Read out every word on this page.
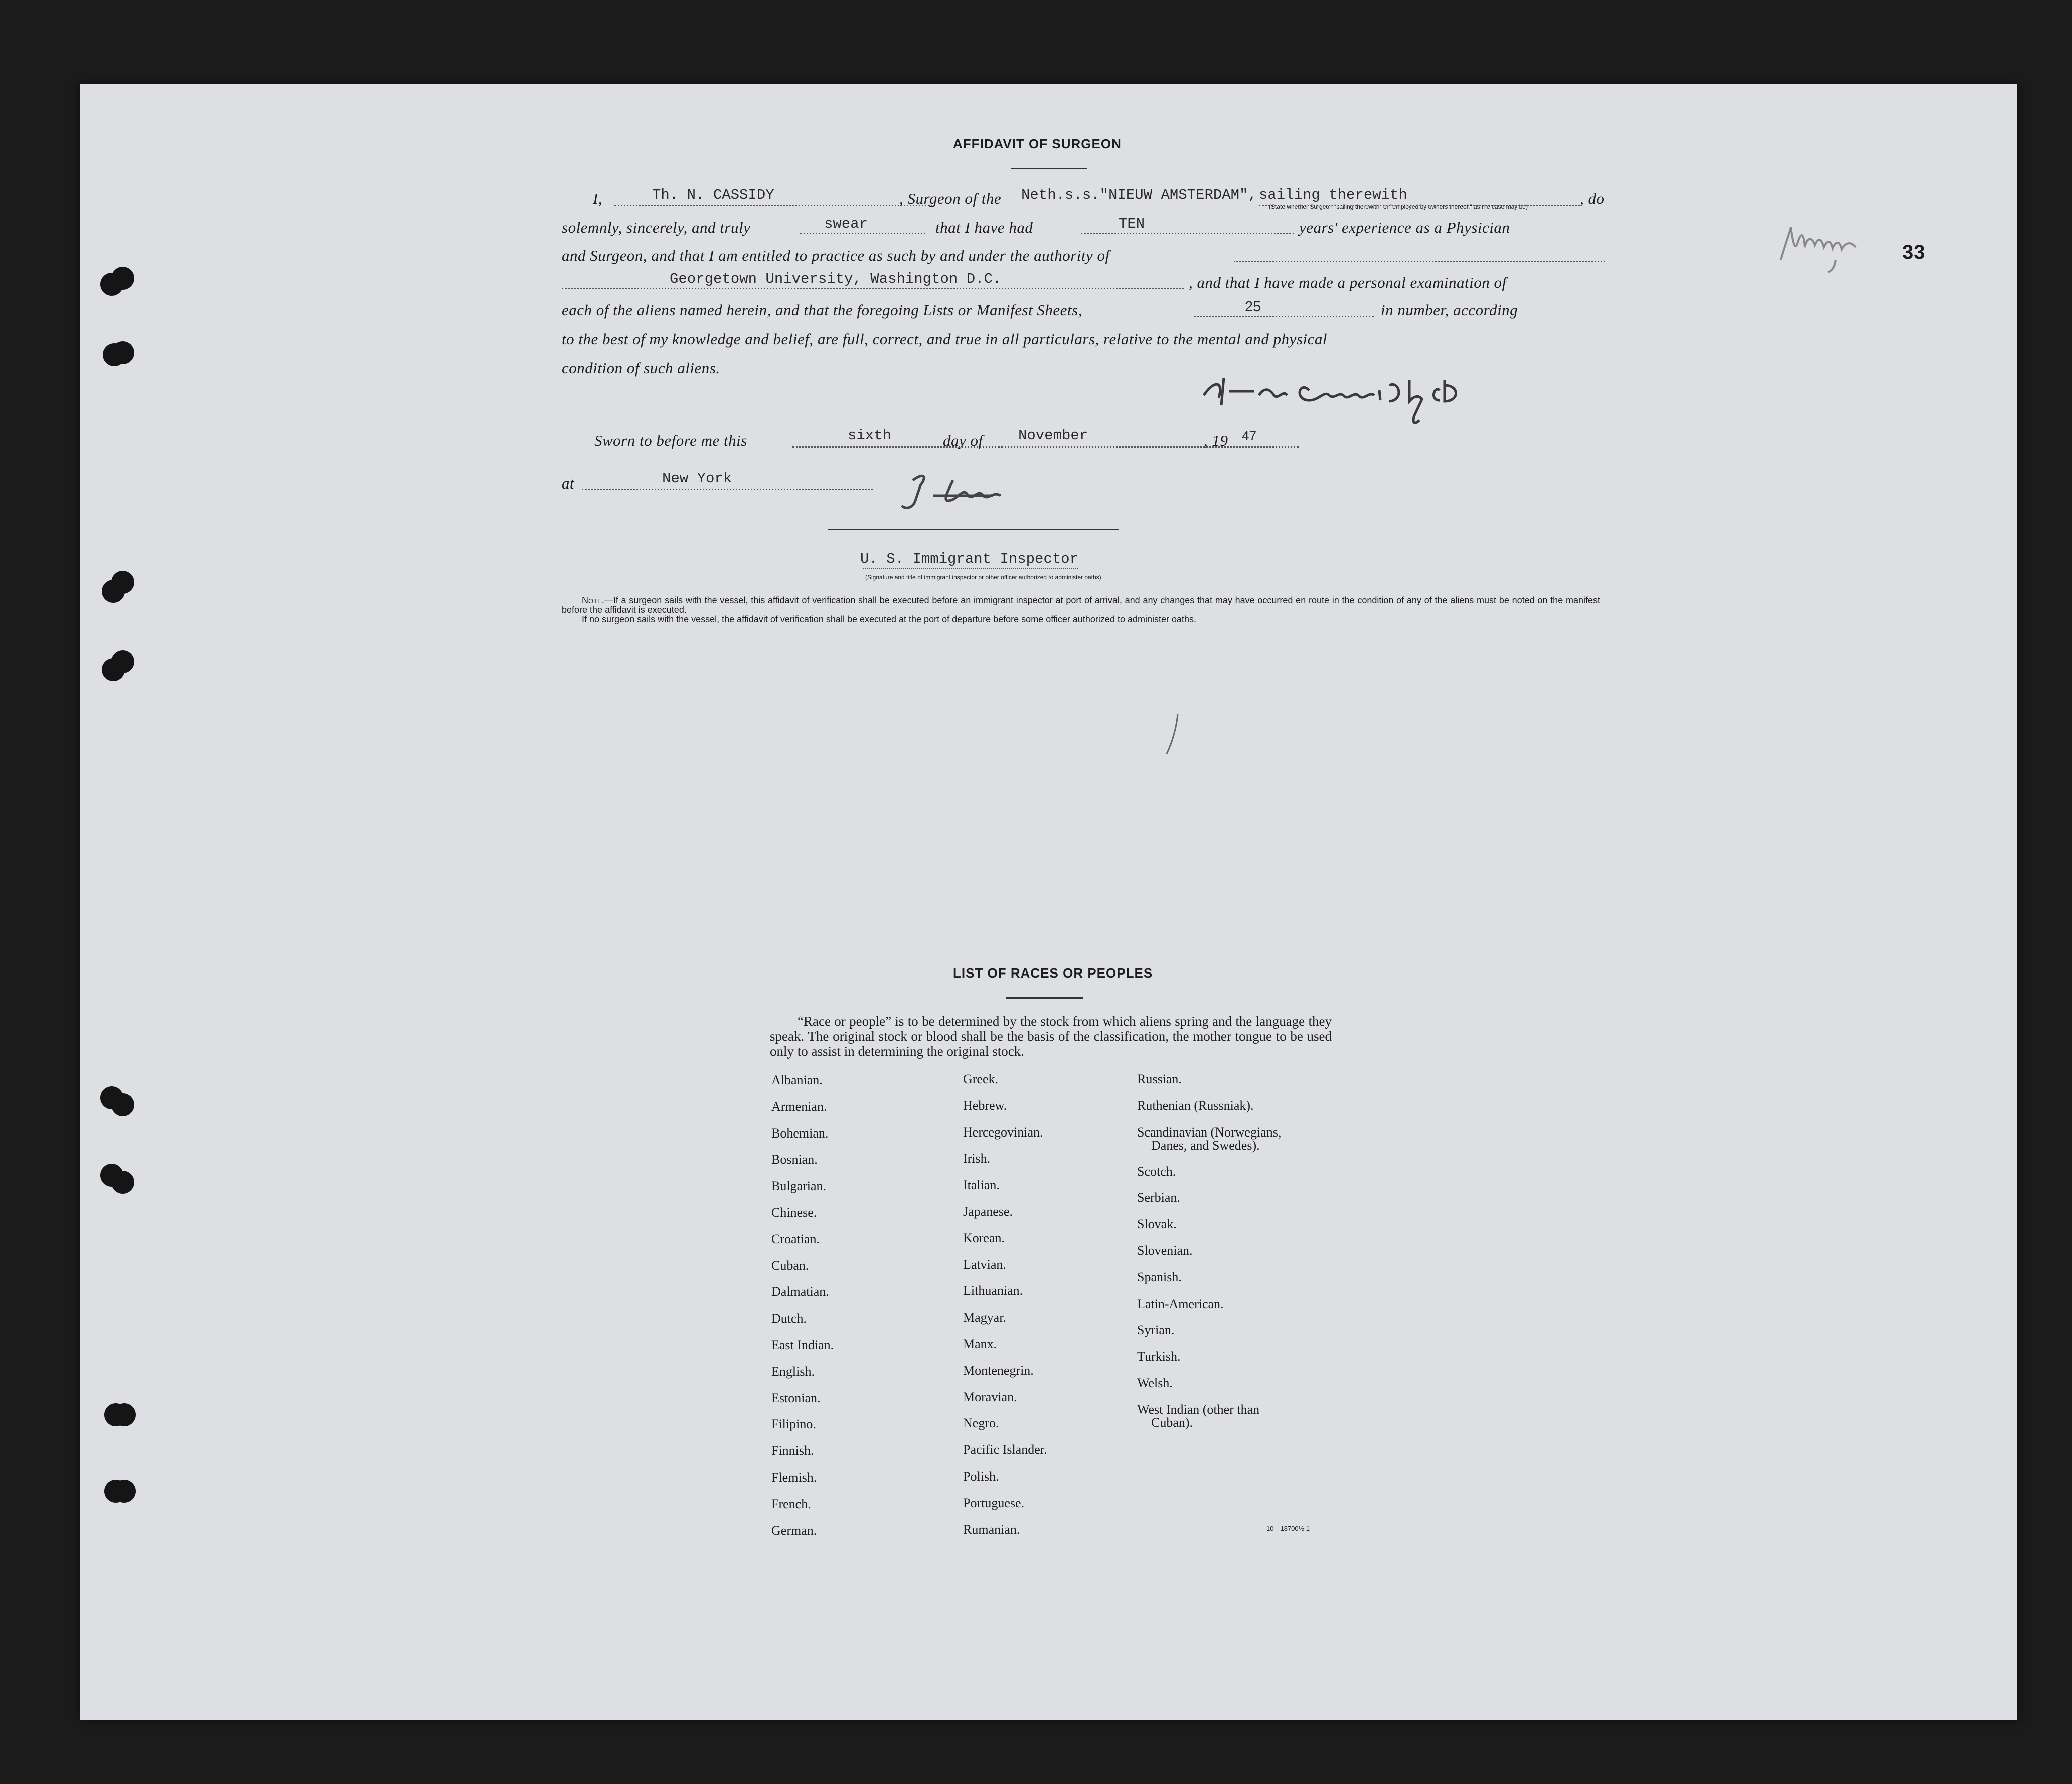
33
AFFIDAVIT OF SURGEON
I,	Th. N. CASSIDY	, Surgeon of the Neth.s.s."NIEUW AMSTERDAM", sailing therewith	, do
(State whether Surgeon "sailing therewith" or "employed by owners thereof," as the case may be)
solemnly, sincerely, and truly	swear	that I have had	TEN	years' experience as a Physician
and Surgeon, and that I am entitled to practice as such by and under the authority of
Georgetown University, Washington D.C.	, and that I have made a personal examination of
each of the aliens named herein, and that the foregoing Lists or Manifest Sheets,	25	in number, according
to the best of my knowledge and belief, are full, correct, and true in all particulars, relative to the mental and physical
condition of such aliens.
Sworn to before me this	sixth	day of November	, 19 47
at	New York
U. S. Immigrant Inspector
(Signature and title of immigrant inspector or other officer authorized to administer oaths)
Note.—If a surgeon sails with the vessel, this affidavit of verification shall be executed before an immigrant inspector at port of arrival, and any changes that may have occurred en route in the condition of any of the aliens must be noted on the manifest before the affidavit is executed.
If no surgeon sails with the vessel, the affidavit of verification shall be executed at the port of departure before some officer authorized to administer oaths.
LIST OF RACES OR PEOPLES
“Race or people” is to be determined by the stock from which aliens spring and the language they speak. The original stock or blood shall be the basis of the classification, the mother tongue to be used only to assist in determining the original stock.
Albanian.
Armenian.
Bohemian.
Bosnian.
Bulgarian.
Chinese.
Croatian.
Cuban.
Dalmatian.
Dutch.
East Indian.
English.
Estonian.
Filipino.
Finnish.
Flemish.
French.
German.
Greek.
Hebrew.
Hercegovinian.
Irish.
Italian.
Japanese.
Korean.
Latvian.
Lithuanian.
Magyar.
Manx.
Montenegrin.
Moravian.
Negro.
Pacific Islander.
Polish.
Portuguese.
Rumanian.
Russian.
Ruthenian (Russniak).
Scandinavian (Norwegians,
Danes, and Swedes).
Scotch.
Serbian.
Slovak.
Slovenian.
Spanish.
Latin-American.
Syrian.
Turkish.
Welsh.
West Indian (other than
Cuban).
10—18700½-1
